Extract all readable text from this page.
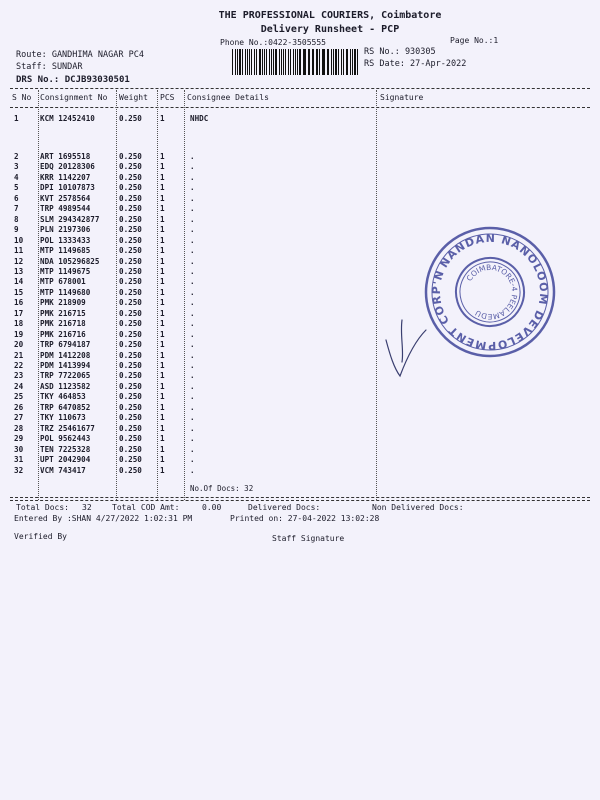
THE PROFESSIONAL COURIERS, Coimbatore
Delivery Runsheet - PCP
Phone No.:0422-3505555	Page No.:1
Route: GANDHIMA NAGAR PC4
Staff: SUNDAR
DRS No.: DCJB93030501
RS No.: 930305
RS Date: 27-Apr-2022
S No Consignment No Weight PCS Consignee Details	Signature
1	KCM 12452410	0.250 1	NHDC
2	ART 1695518	0.250 1	.
3	EDQ 20128306	0.250 1	.
4	KRR 1142207	0.250 1	.
5	DPI 10107873	0.250 1	.
6	KVT 2578564	0.250 1	.
7	TRP 4989544	0.250 1	.
8	SLM 294342877	0.250 1	.
9	PLN 2197306	0.250 1	.
10 POL 1333433	0.250 1	.
11 MTP 1149685	0.250 1	.
12 NDA 105296825	0.250 1	.
13 MTP 1149675	0.250 1	.
14 MTP 678001	0.250 1	.
15 MTP 1149680	0.250 1	.
16 PMK 218909	0.250 1	.
17 PMK 216715	0.250 1	.
18 PMK 216718	0.250 1	.
19 PMK 216716	0.250 1	.
20 TRP 6794187	0.250 1	.
21 PDM 1412208	0.250 1	.
22 PDM 1413994	0.250 1	.
23 TRP 7722065	0.250 1	.
24 ASD 1123582	0.250 1	.
25 TKY 464853	0.250 1	.
26 TRP 6470852	0.250 1	.
27 TKY 110673	0.250 1	.
28 TRZ 25461677	0.250 1	.
29 POL 9562443	0.250 1	.
30 TEN 7225328	0.250 1	.
31 UPT 2042904	0.250 1	.
32 VCM 743417	0.250 1	.
No.Of Docs: 32
Total Docs: 32	Total COD Amt:	0.00	Delivered Docs:	Non Delivered Docs:
Entered By :SHAN 4/27/2022 1:02:31 PM	Printed on: 27-04-2022 13:02:28
Verified By	Staff Signature
NANDAN NANOLOOM DEVELOPMENT CORP'N	COIMBATORE-4 PEELAMEDU
